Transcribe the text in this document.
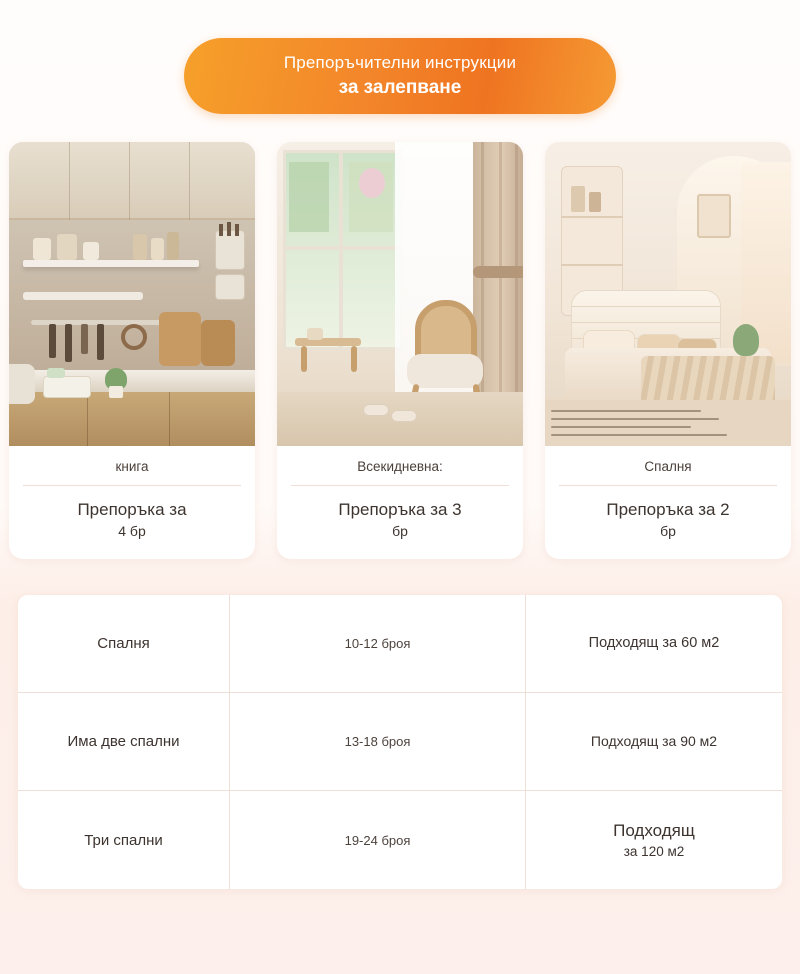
Препоръчителни инструкции
за залепване
книга
Препоръка за
4 бр
Всекидневна:
Препоръка за 3
бр
Спалня
Препоръка за 2
бр
Спалня	10-12 броя	Подходящ за 60 м2
Има две спални	13-18 броя	Подходящ за 90 м2
Три спални	19-24 броя
Подходящ
за 120 м2
